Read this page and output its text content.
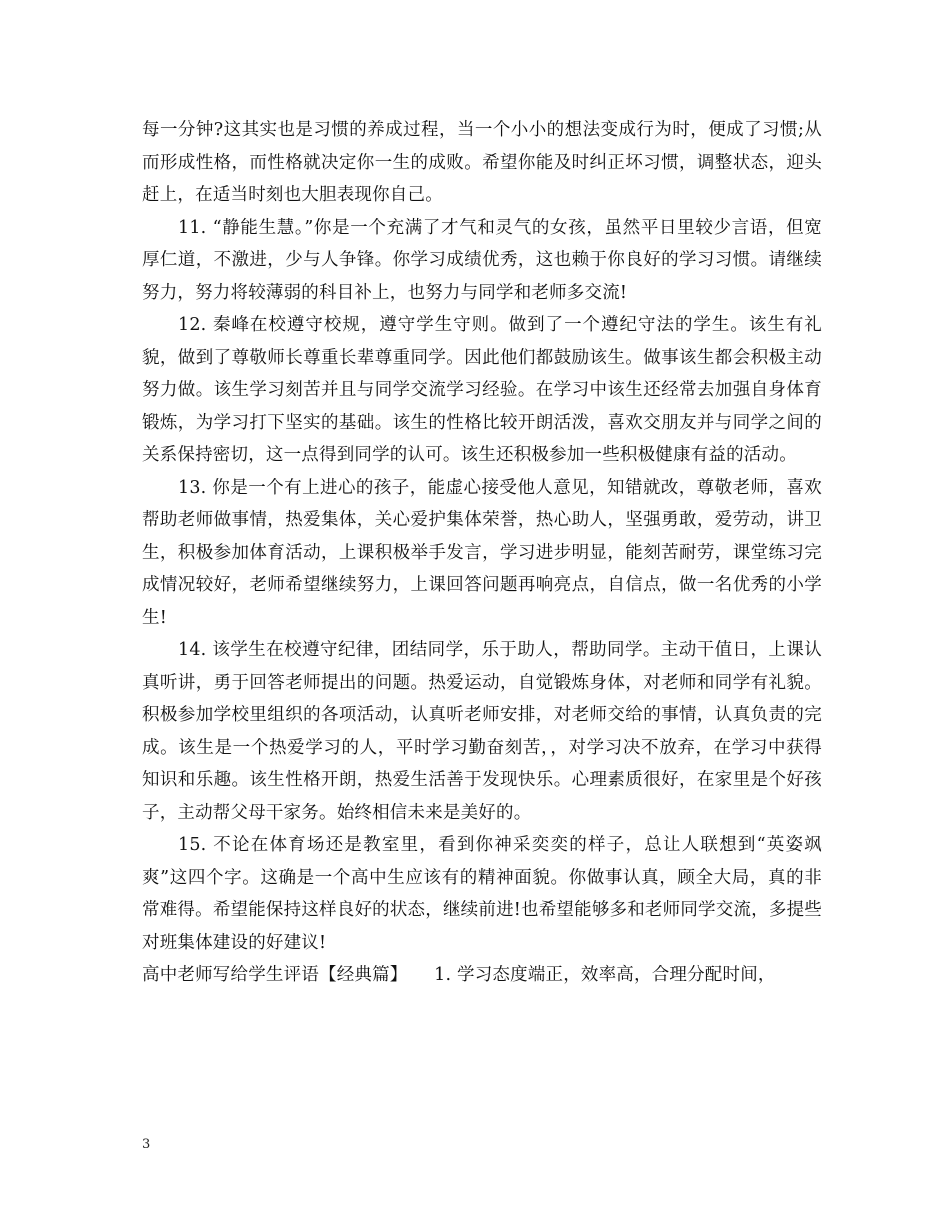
每一分钟?这其实也是习惯的养成过程，当一个小小的想法变成行为时，便成了习惯;从而形成性格，而性格就决定你一生的成败。希望你能及时纠正坏习惯，调整状态，迎头赶上，在适当时刻也大胆表现你自己。

11. “静能生慧。”你是一个充满了才气和灵气的女孩，虽然平日里较少言语，但宽厚仁道，不激进，少与人争锋。你学习成绩优秀，这也赖于你良好的学习习惯。请继续努力，努力将较薄弱的科目补上，也努力与同学和老师多交流!

12. 秦峰在校遵守校规，遵守学生守则。做到了一个遵纪守法的学生。该生有礼貌，做到了尊敬师长尊重长辈尊重同学。因此他们都鼓励该生。做事该生都会积极主动努力做。该生学习刻苦并且与同学交流学习经验。在学习中该生还经常去加强自身体育锻炼，为学习打下坚实的基础。该生的性格比较开朗活泼，喜欢交朋友并与同学之间的关系保持密切，这一点得到同学的认可。该生还积极参加一些积极健康有益的活动。

13. 你是一个有上进心的孩子，能虚心接受他人意见，知错就改，尊敬老师，喜欢帮助老师做事情，热爱集体，关心爱护集体荣誉，热心助人，坚强勇敢，爱劳动，讲卫生，积极参加体育活动，上课积极举手发言，学习进步明显，能刻苦耐劳，课堂练习完成情况较好，老师希望继续努力，上课回答问题再响亮点，自信点，做一名优秀的小学生!

14. 该学生在校遵守纪律，团结同学，乐于助人，帮助同学。主动干值日，上课认真听讲，勇于回答老师提出的问题。热爱运动，自觉锻炼身体，对老师和同学有礼貌。积极参加学校里组织的各项活动，认真听老师安排，对老师交给的事情，认真负责的完成。该生是一个热爱学习的人，平时学习勤奋刻苦，，对学习决不放弃，在学习中获得知识和乐趣。该生性格开朗，热爱生活善于发现快乐。心理素质很好，在家里是个好孩子，主动帮父母干家务。始终相信未来是美好的。

15. 不论在体育场还是教室里，看到你神采奕奕的样子，总让人联想到“英姿飒爽”这四个字。这确是一个高中生应该有的精神面貌。你做事认真，顾全大局，真的非常难得。希望能保持这样良好的状态，继续前进!也希望能够多和老师同学交流，多提些对班集体建设的好建议!

高中老师写给学生评语【经典篇】　　1. 学习态度端正，效率高，合理分配时间，

3
